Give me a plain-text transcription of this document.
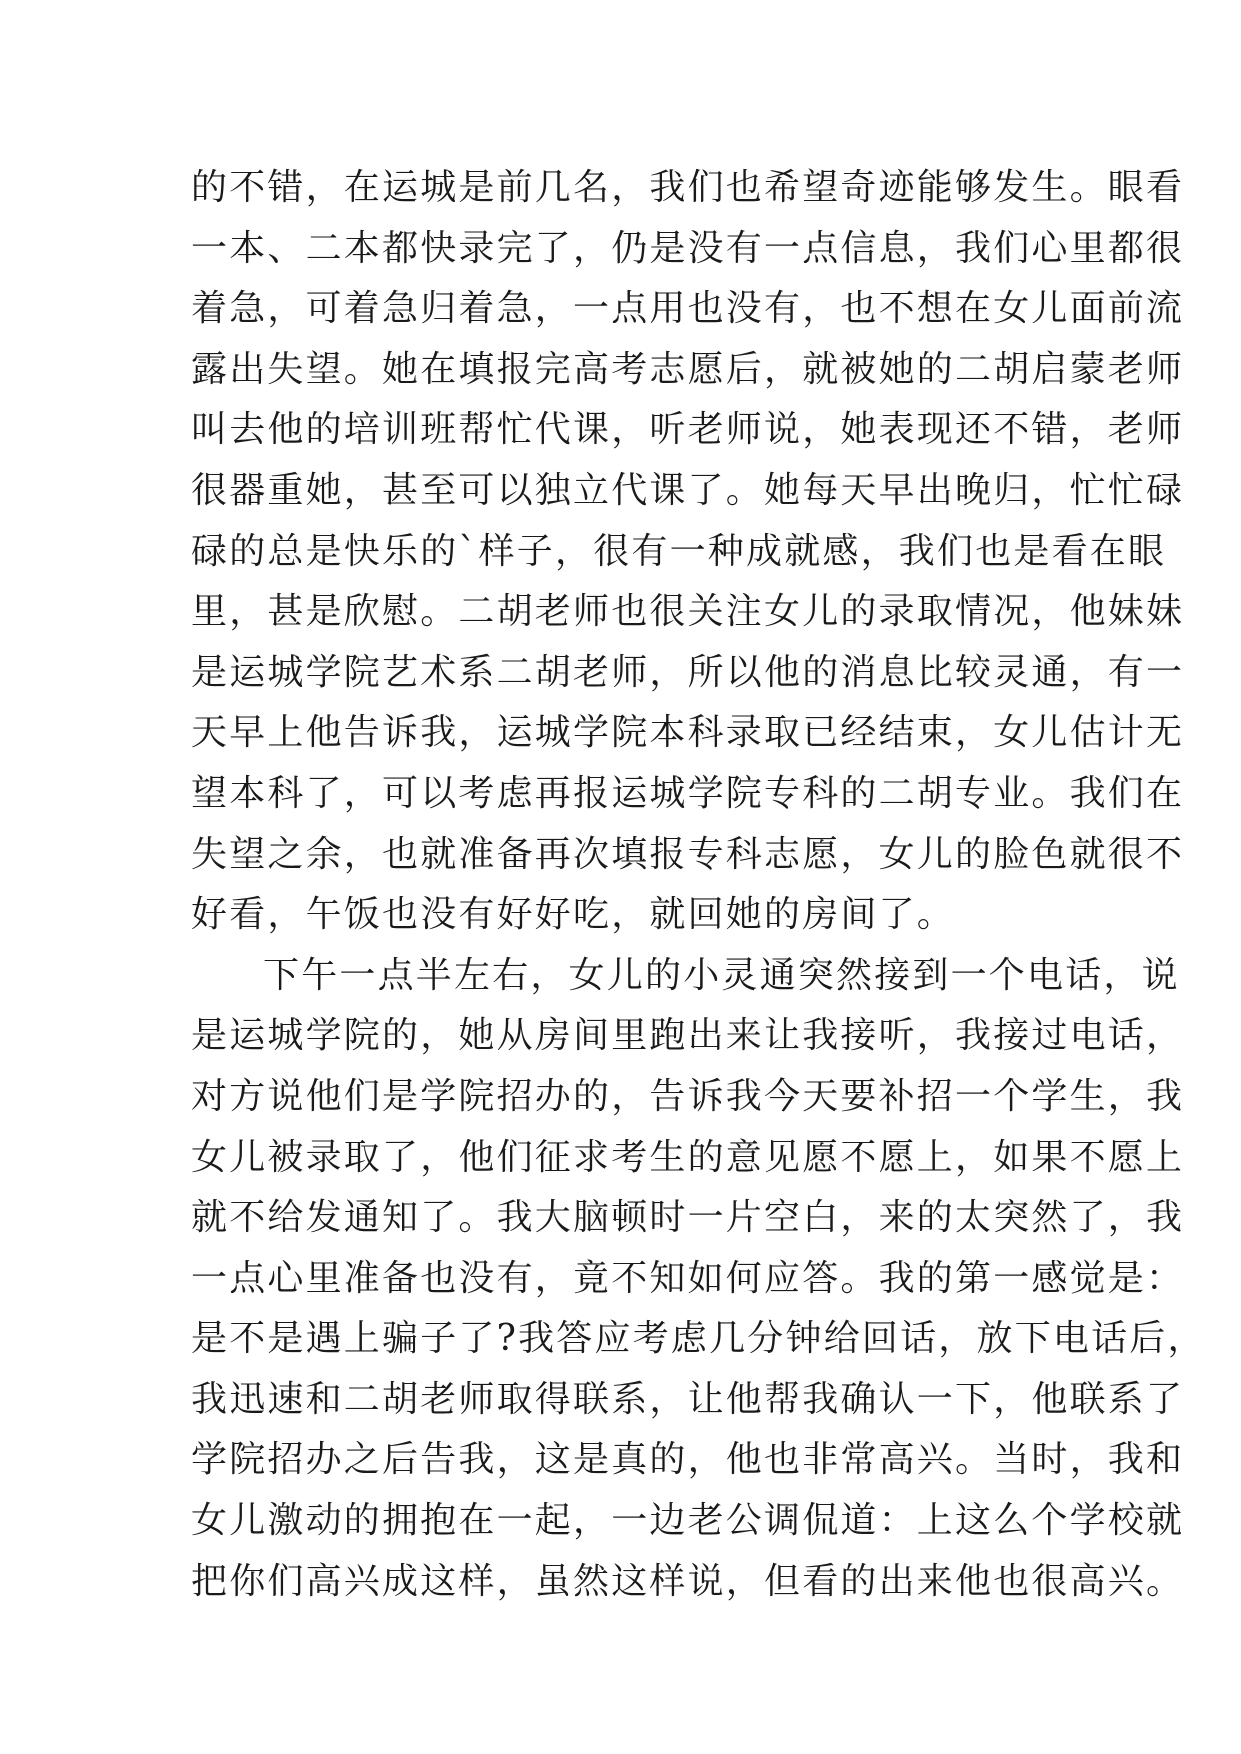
的不错，在运城是前几名，我们也希望奇迹能够发生。眼看
一本、二本都快录完了，仍是没有一点信息，我们心里都很
着急，可着急归着急，一点用也没有，也不想在女儿面前流
露出失望。她在填报完高考志愿后，就被她的二胡启蒙老师
叫去他的培训班帮忙代课，听老师说，她表现还不错，老师
很器重她，甚至可以独立代课了。她每天早出晚归，忙忙碌
碌的总是快乐的`样子，很有一种成就感，我们也是看在眼
里，甚是欣慰。二胡老师也很关注女儿的录取情况，他妹妹
是运城学院艺术系二胡老师，所以他的消息比较灵通，有一
天早上他告诉我，运城学院本科录取已经结束，女儿估计无
望本科了，可以考虑再报运城学院专科的二胡专业。我们在
失望之余，也就准备再次填报专科志愿，女儿的脸色就很不
好看，午饭也没有好好吃，就回她的房间了。
下午一点半左右，女儿的小灵通突然接到一个电话，说
是运城学院的，她从房间里跑出来让我接听，我接过电话，
对方说他们是学院招办的，告诉我今天要补招一个学生，我
女儿被录取了，他们征求考生的意见愿不愿上，如果不愿上
就不给发通知了。我大脑顿时一片空白，来的太突然了，我
一点心里准备也没有，竟不知如何应答。我的第一感觉是：
是不是遇上骗子了?我答应考虑几分钟给回话，放下电话后，
我迅速和二胡老师取得联系，让他帮我确认一下，他联系了
学院招办之后告我，这是真的，他也非常高兴。当时，我和
女儿激动的拥抱在一起，一边老公调侃道：上这么个学校就
把你们高兴成这样，虽然这样说，但看的出来他也很高兴。
